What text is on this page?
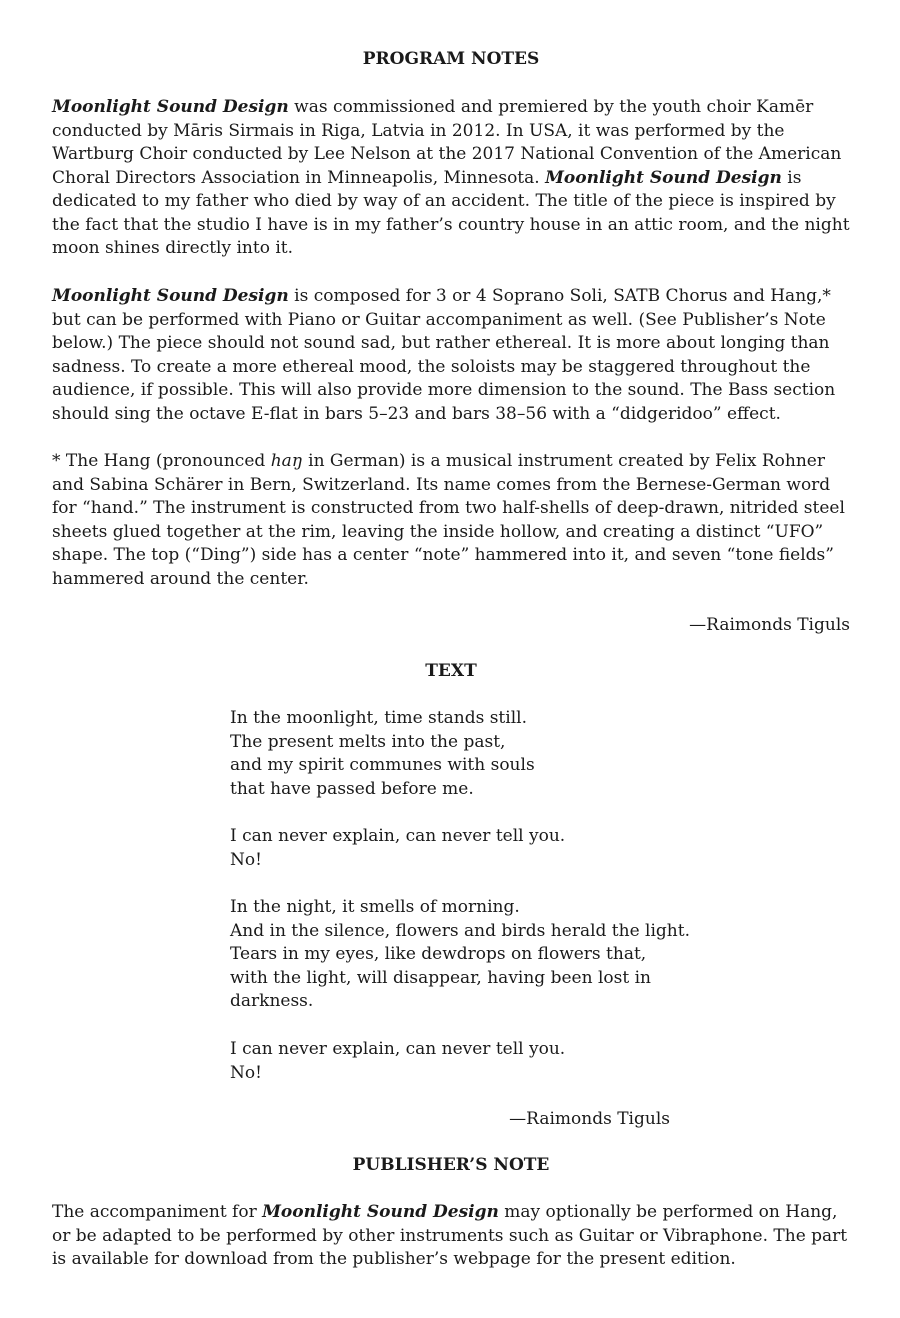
PROGRAM NOTES

Moonlight Sound Design was commissioned and premiered by the youth choir Kamēr conducted by Māris Sirmais in Riga, Latvia in 2012. In USA, it was performed by the Wartburg Choir conducted by Lee Nelson at the 2017 National Convention of the American Choral Directors Association in Minneapolis, Minnesota. Moonlight Sound Design is dedicated to my father who died by way of an accident. The title of the piece is inspired by the fact that the studio I have is in my father’s country house in an attic room, and the night moon shines directly into it.

Moonlight Sound Design is composed for 3 or 4 Soprano Soli, SATB Chorus and Hang,* but can be performed with Piano or Guitar accompaniment as well. (See Publisher’s Note below.) The piece should not sound sad, but rather ethereal. It is more about longing than sadness. To create a more ethereal mood, the soloists may be staggered throughout the audience, if possible. This will also provide more dimension to the sound. The Bass section should sing the octave E-flat in bars 5–23 and bars 38–56 with a “didgeridoo” effect.

* The Hang (pronounced haŋ in German) is a musical instrument created by Felix Rohner and Sabina Schärer in Bern, Switzerland. Its name comes from the Bernese-German word for “hand.” The instrument is constructed from two half-shells of deep-drawn, nitrided steel sheets glued together at the rim, leaving the inside hollow, and creating a distinct “UFO” shape. The top (“Ding”) side has a center “note” hammered into it, and seven “tone fields” hammered around the center.

—Raimonds Tiguls

TEXT
In the moonlight, time stands still.
The present melts into the past,
and my spirit communes with souls
that have passed before me.
I can never explain, can never tell you.
No!
In the night, it smells of morning.
And in the silence, flowers and birds herald the light.
Tears in my eyes, like dewdrops on flowers that,
with the light, will disappear, having been lost in
darkness.
I can never explain, can never tell you.
No!

—Raimonds Tiguls

PUBLISHER’S NOTE

The accompaniment for Moonlight Sound Design may optionally be performed on Hang, or be adapted to be performed by other instruments such as Guitar or Vibraphone. The part is available for download from the publisher’s webpage for the present edition.
